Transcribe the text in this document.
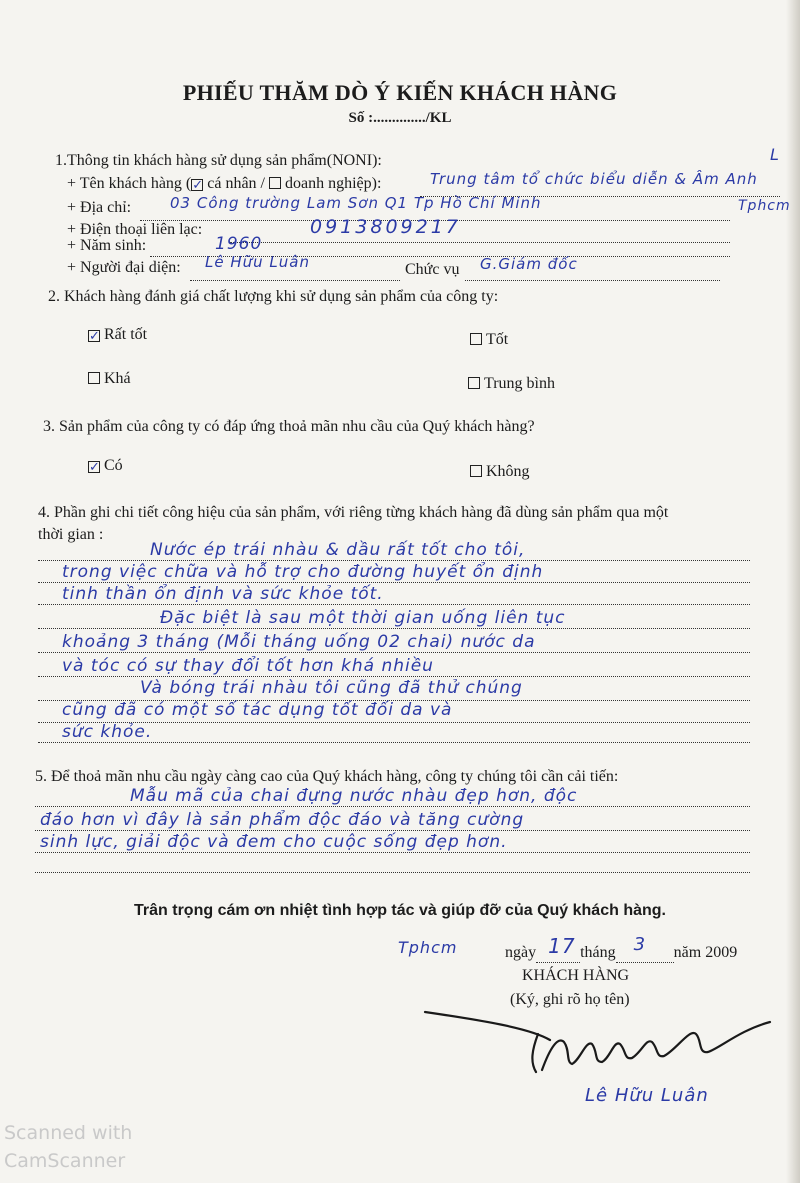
PHIẾU THĂM DÒ Ý KIẾN KHÁCH HÀNG
Số :............../KL
L
1.Thông tin khách hàng sử dụng sản phẩm(NONI):
+ Tên khách hàng (✓ cá nhân / doanh nghiệp):	Trung tâm tổ chức biểu diễn & Âm Anh
+ Địa chỉ:	03 Công trường Lam Sơn Q1 Tp Hồ Chí Minh	Tphcm
+ Điện thoại liên lạc:	0913809217
+ Năm sinh:	1960
+ Người đại diện: Lê Hữu Luân	Chức vụ G.Giám đốc
2. Khách hàng đánh giá chất lượng khi sử dụng sản phẩm của công ty:
✓Rất tốt	Tốt
Khá	Trung bình
3. Sản phẩm của công ty có đáp ứng thoả mãn nhu cầu của Quý khách hàng?
✓Có	Không
4. Phần ghi chi tiết công hiệu của sản phẩm, với riêng từng khách hàng đã dùng sản phẩm qua một
thời gian :
Nước ép trái nhàu & dầu rất tốt cho tôi,
trong việc chữa và hỗ trợ cho đường huyết ổn định
tinh thần ổn định và sức khỏe tốt.
Đặc biệt là sau một thời gian uống liên tục
khoảng 3 tháng (Mỗi tháng uống 02 chai) nước da
và tóc có sự thay đổi tốt hơn khá nhiều
Và bóng trái nhàu tôi cũng đã thử chúng
cũng đã có một số tác dụng tốt đối da và
sức khỏe.
5. Để thoả mãn nhu cầu ngày càng cao của Quý khách hàng, công ty chúng tôi cần cải tiến:
Mẫu mã của chai đựng nước nhàu đẹp hơn, độc
đáo hơn vì đây là sản phẩm độc đáo và tăng cường
sinh lực, giải độc và đem cho cuộc sống đẹp hơn.
Trân trọng cám ơn nhiệt tình hợp tác và giúp đỡ của Quý khách hàng.
Tphcm	ngày 17 tháng 3 năm 2009
KHÁCH HÀNG
(Ký, ghi rõ họ tên)
Lê Hữu Luân
Scanned with
CamScanner
